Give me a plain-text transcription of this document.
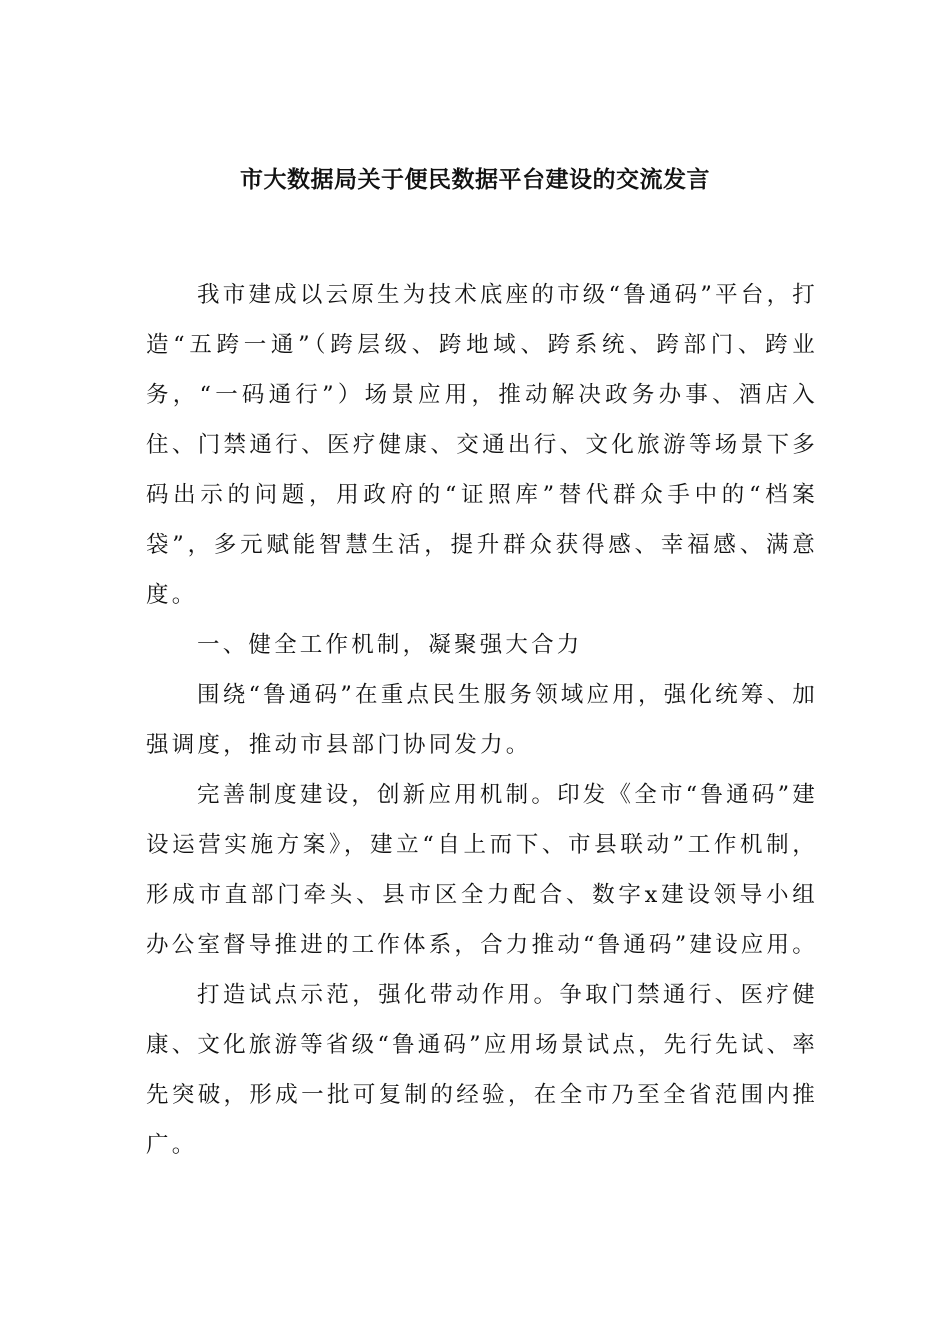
市大数据局关于便民数据平台建设的交流发言

我市建成以云原生为技术底座的市级“鲁通码”平台，打造“五跨一通”（跨层级、跨地域、跨系统、跨部门、跨业务，“一码通行”）场景应用，推动解决政务办事、酒店入住、门禁通行、医疗健康、交通出行、文化旅游等场景下多码出示的问题，用政府的“证照库”替代群众手中的“档案袋”，多元赋能智慧生活，提升群众获得感、幸福感、满意度。

一、健全工作机制，凝聚强大合力

围绕“鲁通码”在重点民生服务领域应用，强化统筹、加强调度，推动市县部门协同发力。

完善制度建设，创新应用机制。印发《全市“鲁通码”建设运营实施方案》，建立“自上而下、市县联动”工作机制，形成市直部门牵头、县市区全力配合、数字x建设领导小组办公室督导推进的工作体系，合力推动“鲁通码”建设应用。

打造试点示范，强化带动作用。争取门禁通行、医疗健康、文化旅游等省级“鲁通码”应用场景试点，先行先试、率先突破，形成一批可复制的经验，在全市乃至全省范围内推广。
